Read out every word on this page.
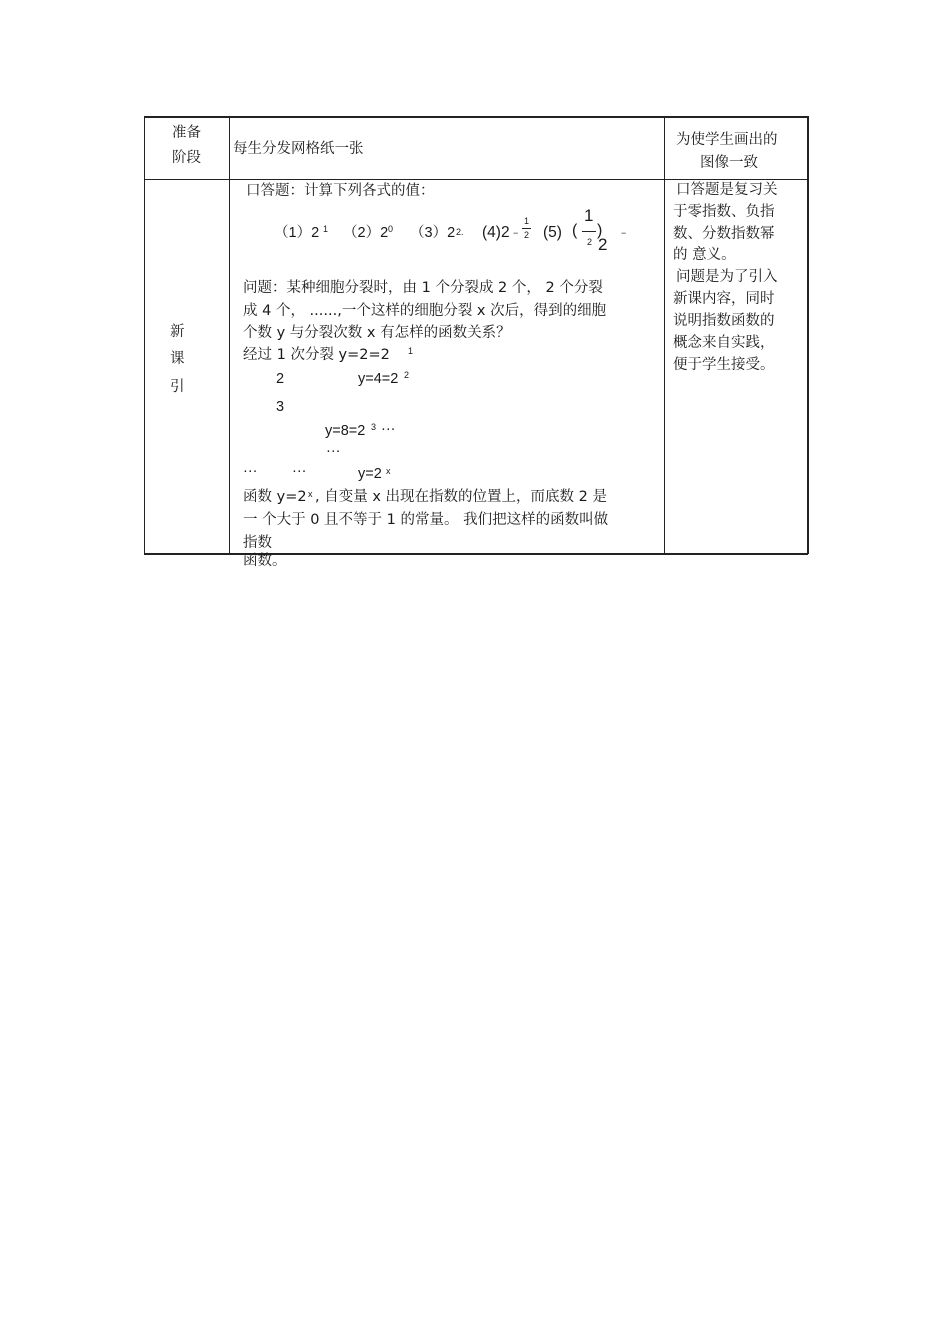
准备
阶段
每生分发网格纸一张
为使学生画出的
图像一致
新
课
引
口答题：计算下列各式的值：
（1）2 1 （2）2 0 （3）2 2. (4)2 −
1
2 (5) (
1
2
)
2
−
问题：某种细胞分裂时，由 1 个分裂成 2 个， 2 个分裂
成 4 个， ......,一个这样的细胞分裂 x 次后，得到的细胞
个数 y 与分裂次数 x 有怎样的函数关系？
经过 1 次分裂 y=2=2 1
2	y=4=2 2
3
y=8=2 3 ···
···
··· ···	y=2 x
函数 y=2 x , 自变量 x 出现在指数的位置上，而底数 2 是
一 个大于 0 且不等于 1 的常量。 我们把这样的函数叫做
指数
函数。
口答题是复习关
于零指数、负指
数、分数指数幂
的 意义。
问题是为了引入
新课内容，同时
说明指数函数的
概念来自实践，
便于学生接受。
